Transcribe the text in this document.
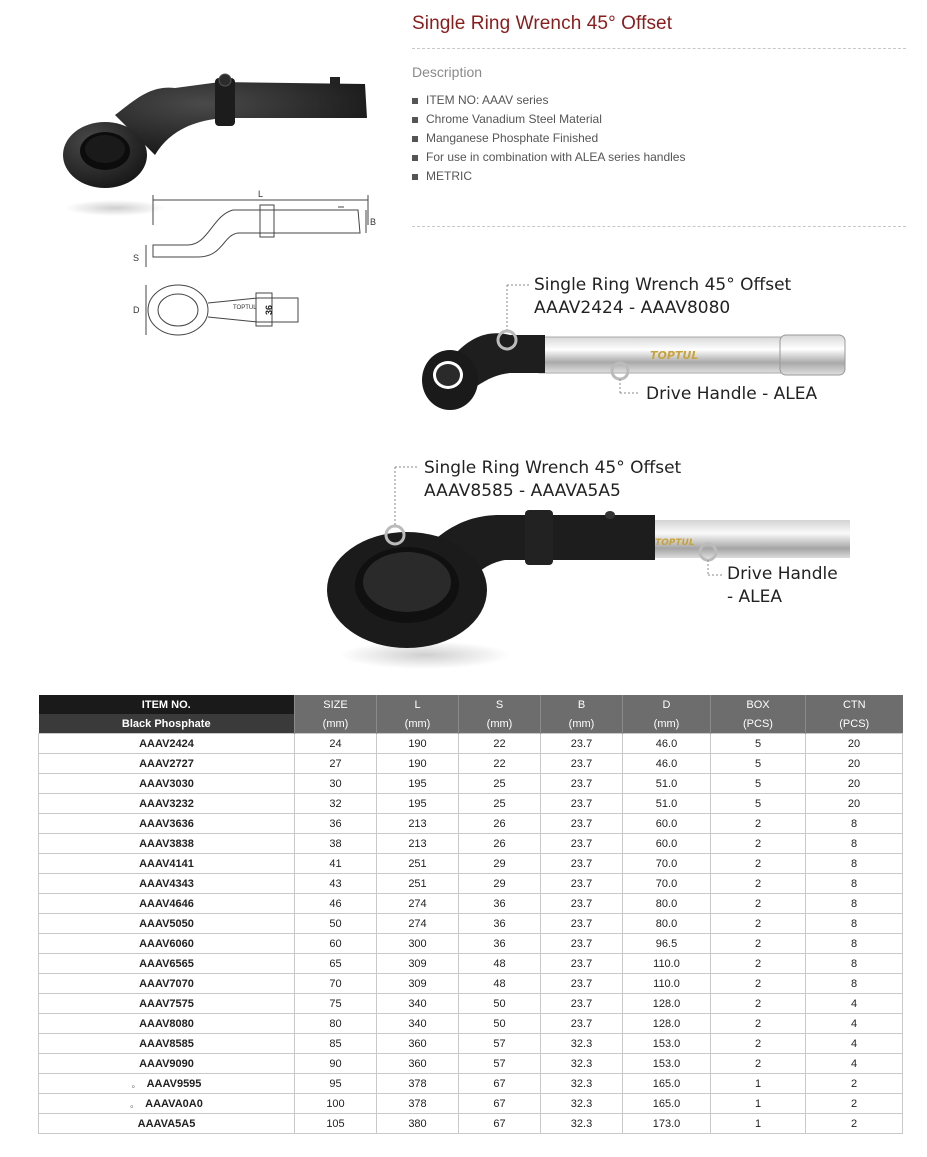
Single Ring Wrench 45° Offset
Description
ITEM NO: AAAV series
Chrome Vanadium Steel Material
Manganese Phosphate Finished
For use in combination with ALEA series handles
METRIC
L
B
S
D	TOPTUL 36
TOPTUL
Single Ring Wrench 45° Offset
AAAV2424 - AAAV8080
Drive Handle - ALEA
TOPTUL
Single Ring Wrench 45° Offset
AAAV8585 - AAAVA5A5
Drive Handle
- ALEA
ITEM NO.	SIZE	L	S	B	D	BOX	CTN
Black Phosphate	(mm)	(mm)	(mm)	(mm)	(mm)	(PCS)	(PCS)
AAAV2424	24	190	22	23.7	46.0	5	20
AAAV2727	27	190	22	23.7	46.0	5	20
AAAV3030	30	195	25	23.7	51.0	5	20
AAAV3232	32	195	25	23.7	51.0	5	20
AAAV3636	36	213	26	23.7	60.0	2	8
AAAV3838	38	213	26	23.7	60.0	2	8
AAAV4141	41	251	29	23.7	70.0	2	8
AAAV4343	43	251	29	23.7	70.0	2	8
AAAV4646	46	274	36	23.7	80.0	2	8
AAAV5050	50	274	36	23.7	80.0	2	8
AAAV6060	60	300	36	23.7	96.5	2	8
AAAV6565	65	309	48	23.7	110.0	2	8
AAAV7070	70	309	48	23.7	110.0	2	8
AAAV7575	75	340	50	23.7	128.0	2	4
AAAV8080	80	340	50	23.7	128.0	2	4
AAAV8585	85	360	57	32.3	153.0	2	4
AAAV9090	90	360	57	32.3	153.0	2	4
。 AAAV9595	95	378	67	32.3	165.0	1	2
。 AAAVA0A0	100	378	67	32.3	165.0	1	2
AAAVA5A5	105	380	67	32.3	173.0	1	2
